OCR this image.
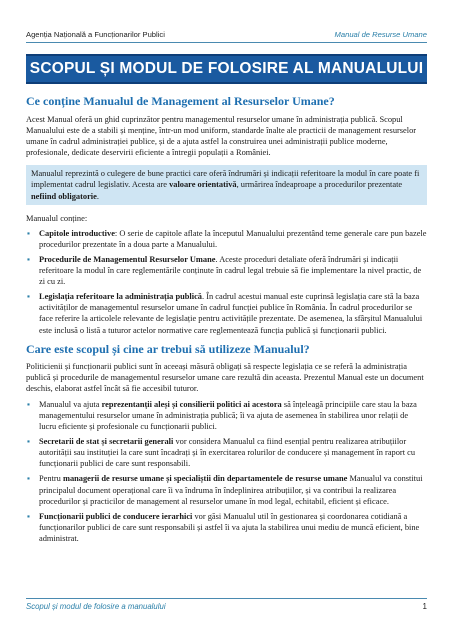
Agenția Națională a Funcționarilor Publici	Manual de Resurse Umane
SCOPUL ȘI MODUL DE FOLOSIRE AL MANUALULUI
Ce conține Manualul de Management al Resurselor Umane?

Acest Manual oferă un ghid cuprinzător pentru managementul resurselor umane în administrația publică. Scopul Manualului este de a stabili și menține, într-un mod uniform, standarde înalte ale practicii de management resurselor umane în cadrul administrației publice, și de a ajuta astfel la construirea unei administrații publice moderne, profesionale, dedicate deservirii eficiente a întregii populații a României.

Manualul reprezintă o culegere de bune practici care oferă îndrumări și indicații referitoare la modul în care poate fi implementat cadrul legislativ. Acesta are valoare orientativă, urmărirea îndeaproape a procedurilor prezentate nefiind obligatorie.

Manualul conține:

▪ Capitole introductive: O serie de capitole aflate la începutul Manualului prezentând teme generale care pun bazele procedurilor prezentate în a doua parte a Manualului.
▪ Procedurile de Managementul Resurselor Umane. Aceste proceduri detaliate oferă îndrumări și indicații referitoare la modul în care reglementările conținute în cadrul legal trebuie să fie implementare la nivel practic, de zi cu zi.
▪ Legislația referitoare la administrația publică. În cadrul acestui manual este cuprinsă legislația care stă la baza activităților de managementul resurselor umane în cadrul funcției publice în România. În cadrul procedurilor se face referire la articolele relevante de legislație pentru activitățile prezentate. De asemenea, la sfârșitul Manualului este inclusă o listă a tuturor actelor normative care reglementează funcția publică și funcționarii publici.
Care este scopul și cine ar trebui să utilizeze Manualul?

Politicienii și funcționarii publici sunt în aceeași măsură obligați să respecte legislația ce se referă la administrația publică și procedurile de managementul resurselor umane care rezultă din aceasta. Prezentul Manual este un document deschis, elaborat astfel încât să fie accesibil tuturor.

▪ Manualul va ajuta reprezentanții aleși și consilierii politici ai acestora să înțeleagă principiile care stau la baza managementului resurselor umane în administrația publică; îi va ajuta de asemenea în stabilirea unor relații de lucru eficiente și profesionale cu funcționarii publici.
▪ Secretarii de stat și secretarii generali vor considera Manualul ca fiind esențial pentru realizarea atribuțiilor autorității sau instituției la care sunt încadrați și în exercitarea rolurilor de conducere și management în raport cu funcționarii publici de care sunt responsabili.
▪ Pentru managerii de resurse umane și specialiștii din departamentele de resurse umane Manualul va constitui principalul document operațional care îi va îndruma în îndeplinirea atribuțiilor, și va contribui la realizarea procedurilor și practicilor de management al resurselor umane în mod legal, echitabil, eficient și eficace.
▪ Funcționarii publici de conducere ierarhici vor găsi Manualul util în gestionarea și coordonarea cotidiană a funcționarilor publici de care sunt responsabili și astfel îi va ajuta la stabilirea unui mediu de muncă eficient, bine administrat.
Scopul și modul de folosire a manualului	1
